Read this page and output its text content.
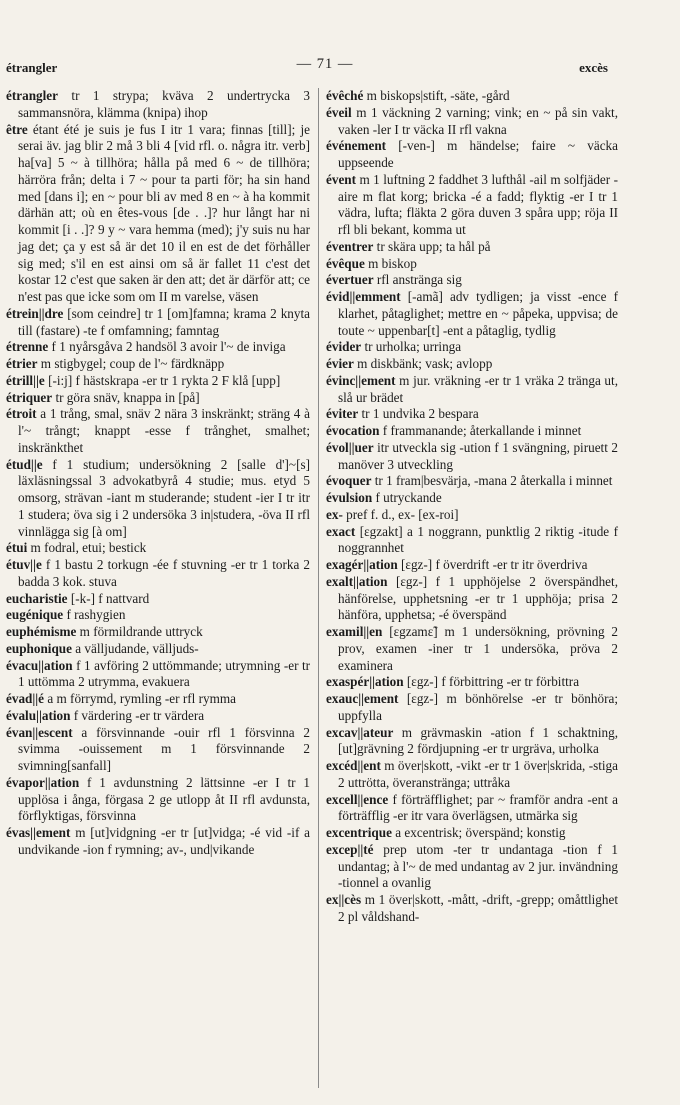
étrangler	— 71 —	excès

étrangler tr 1 strypa; kväva 2 undertrycka 3 sammansnöra, klämma (knipa) ihop

être étant été je suis je fus I itr 1 vara; finnas [till]; je serai äv. jag blir 2 må 3 bli 4 [vid rfl. o. några itr. verb] ha[va] 5 ~ à tillhöra; hålla på med 6 ~ de tillhöra; härröra från; delta i 7 ~ pour ta parti för; ha sin hand med [dans i]; en ~ pour bli av med 8 en ~ à ha kommit därhän att; où en êtes-vous [de . .]? hur långt har ni kommit [i . .]? 9 y ~ vara hemma (med); j'y suis nu har jag det; ça y est så är det 10 il en est de det förhåller sig med; s'il en est ainsi om så är fallet 11 c'est det kostar 12 c'est que saken är den att; det är därför att; ce n'est pas que icke som om II m varelse, väsen

étrein||dre [som ceindre] tr 1 [om]famna; krama 2 knyta till (fastare) -te f omfamning; famntag

étrenne f 1 nyårsgåva 2 handsöl 3 avoir l'~ de inviga

étrier m stigbygel; coup de l'~ färdknäpp

étrill||e [-i:j] f hästskrapa -er tr 1 rykta 2 F klå [upp]

étriquer tr göra snäv, knappa in [på]

étroit a 1 trång, smal, snäv 2 nära 3 inskränkt; sträng 4 à l'~ trångt; knappt -esse f trånghet, smalhet; inskränkthet

étud||e f 1 studium; undersökning 2 [salle d']~[s] läxläsningssal 3 advokatbyrå 4 studie; mus. etyd 5 omsorg, strävan -iant m studerande; student -ier I tr itr 1 studera; öva sig i 2 undersöka 3 in|studera, -öva II rfl vinnlägga sig [à om]

étui m fodral, etui; bestick

étuv||e f 1 bastu 2 torkugn -ée f stuvning -er tr 1 torka 2 badda 3 kok. stuva

eucharistie [-k-] f nattvard

eugénique f rashygien

euphémisme m förmildrande uttryck

euphonique a välljudande, välljuds-

évacu||ation f 1 avföring 2 uttömmande; utrymning -er tr 1 uttömma 2 utrymma, evakuera

évad||é a m förrymd, rymling -er rfl rymma

évalu||ation f värdering -er tr värdera

évan||escent a försvinnande -ouir rfl 1 försvinna 2 svimma -ouissement m 1 försvinnande 2 svimning[sanfall]

évapor||ation f 1 avdunstning 2 lättsinne -er I tr 1 upplösa i ånga, förgasa 2 ge utlopp åt II rfl avdunsta, förflyktigas, försvinna

évas||ement m [ut]vidgning -er tr [ut]vidga; -é vid -if a undvikande -ion f rymning; av-, und|vikande

évêché m biskops|stift, -säte, -gård

éveil m 1 väckning 2 varning; vink; en ~ på sin vakt, vaken -ler I tr väcka II rfl vakna

événement [-ven-] m händelse; faire ~ väcka uppseende

évent m 1 luftning 2 faddhet 3 lufthål -ail m solfjäder -aire m flat korg; bricka -é a fadd; flyktig -er I tr 1 vädra, lufta; fläkta 2 göra duven 3 spåra upp; röja II rfl bli bekant, komma ut

éventrer tr skära upp; ta hål på

évêque m biskop

évertuer rfl anstränga sig

évid||emment [-amã] adv tydligen; ja visst -ence f klarhet, påtaglighet; mettre en ~ påpeka, uppvisa; de toute ~ uppenbar[t] -ent a påtaglig, tydlig

évider tr urholka; urringa

évier m diskbänk; vask; avlopp

évinc||ement m jur. vräkning -er tr 1 vräka 2 tränga ut, slå ur brädet

éviter tr 1 undvika 2 bespara

évocation f frammanande; återkallande i minnet

évol||uer itr utveckla sig -ution f 1 svängning, piruett 2 manöver 3 utveckling

évoquer tr 1 fram|besvärja, -mana 2 återkalla i minnet

évulsion f utryckande

ex- pref f. d., ex- [ex-roi]

exact [ɛgzakt] a 1 noggrann, punktlig 2 riktig -itude f noggrannhet

exagér||ation [ɛgz-] f överdrift -er tr itr överdriva

exalt||ation [ɛgz-] f 1 upphöjelse 2 överspändhet, hänförelse, upphetsning -er tr 1 upphöja; prisa 2 hänföra, upphetsa; -é överspänd

examil||en [ɛgzamɛ̃] m 1 undersökning, prövning 2 prov, examen -iner tr 1 undersöka, pröva 2 examinera

exaspér||ation [ɛgz-] f förbittring -er tr förbittra

exauc||ement [ɛgz-] m bönhörelse -er tr bönhöra; uppfylla

excav||ateur m grävmaskin -ation f 1 schaktning, [ut]grävning 2 fördjupning -er tr urgräva, urholka

excéd||ent m över|skott, -vikt -er tr 1 över|skrida, -stiga 2 uttrötta, överanstränga; uttråka

excell||ence f förträfflighet; par ~ framför andra -ent a förträfflig -er itr vara överlägsen, utmärka sig

excentrique a excentrisk; överspänd; konstig

excep||té prep utom -ter tr undantaga -tion f 1 undantag; à l'~ de med undantag av 2 jur. invändning -tionnel a ovanlig

ex||cès m 1 över|skott, -mått, -drift, -grepp; omåttlighet 2 pl våldshand-
